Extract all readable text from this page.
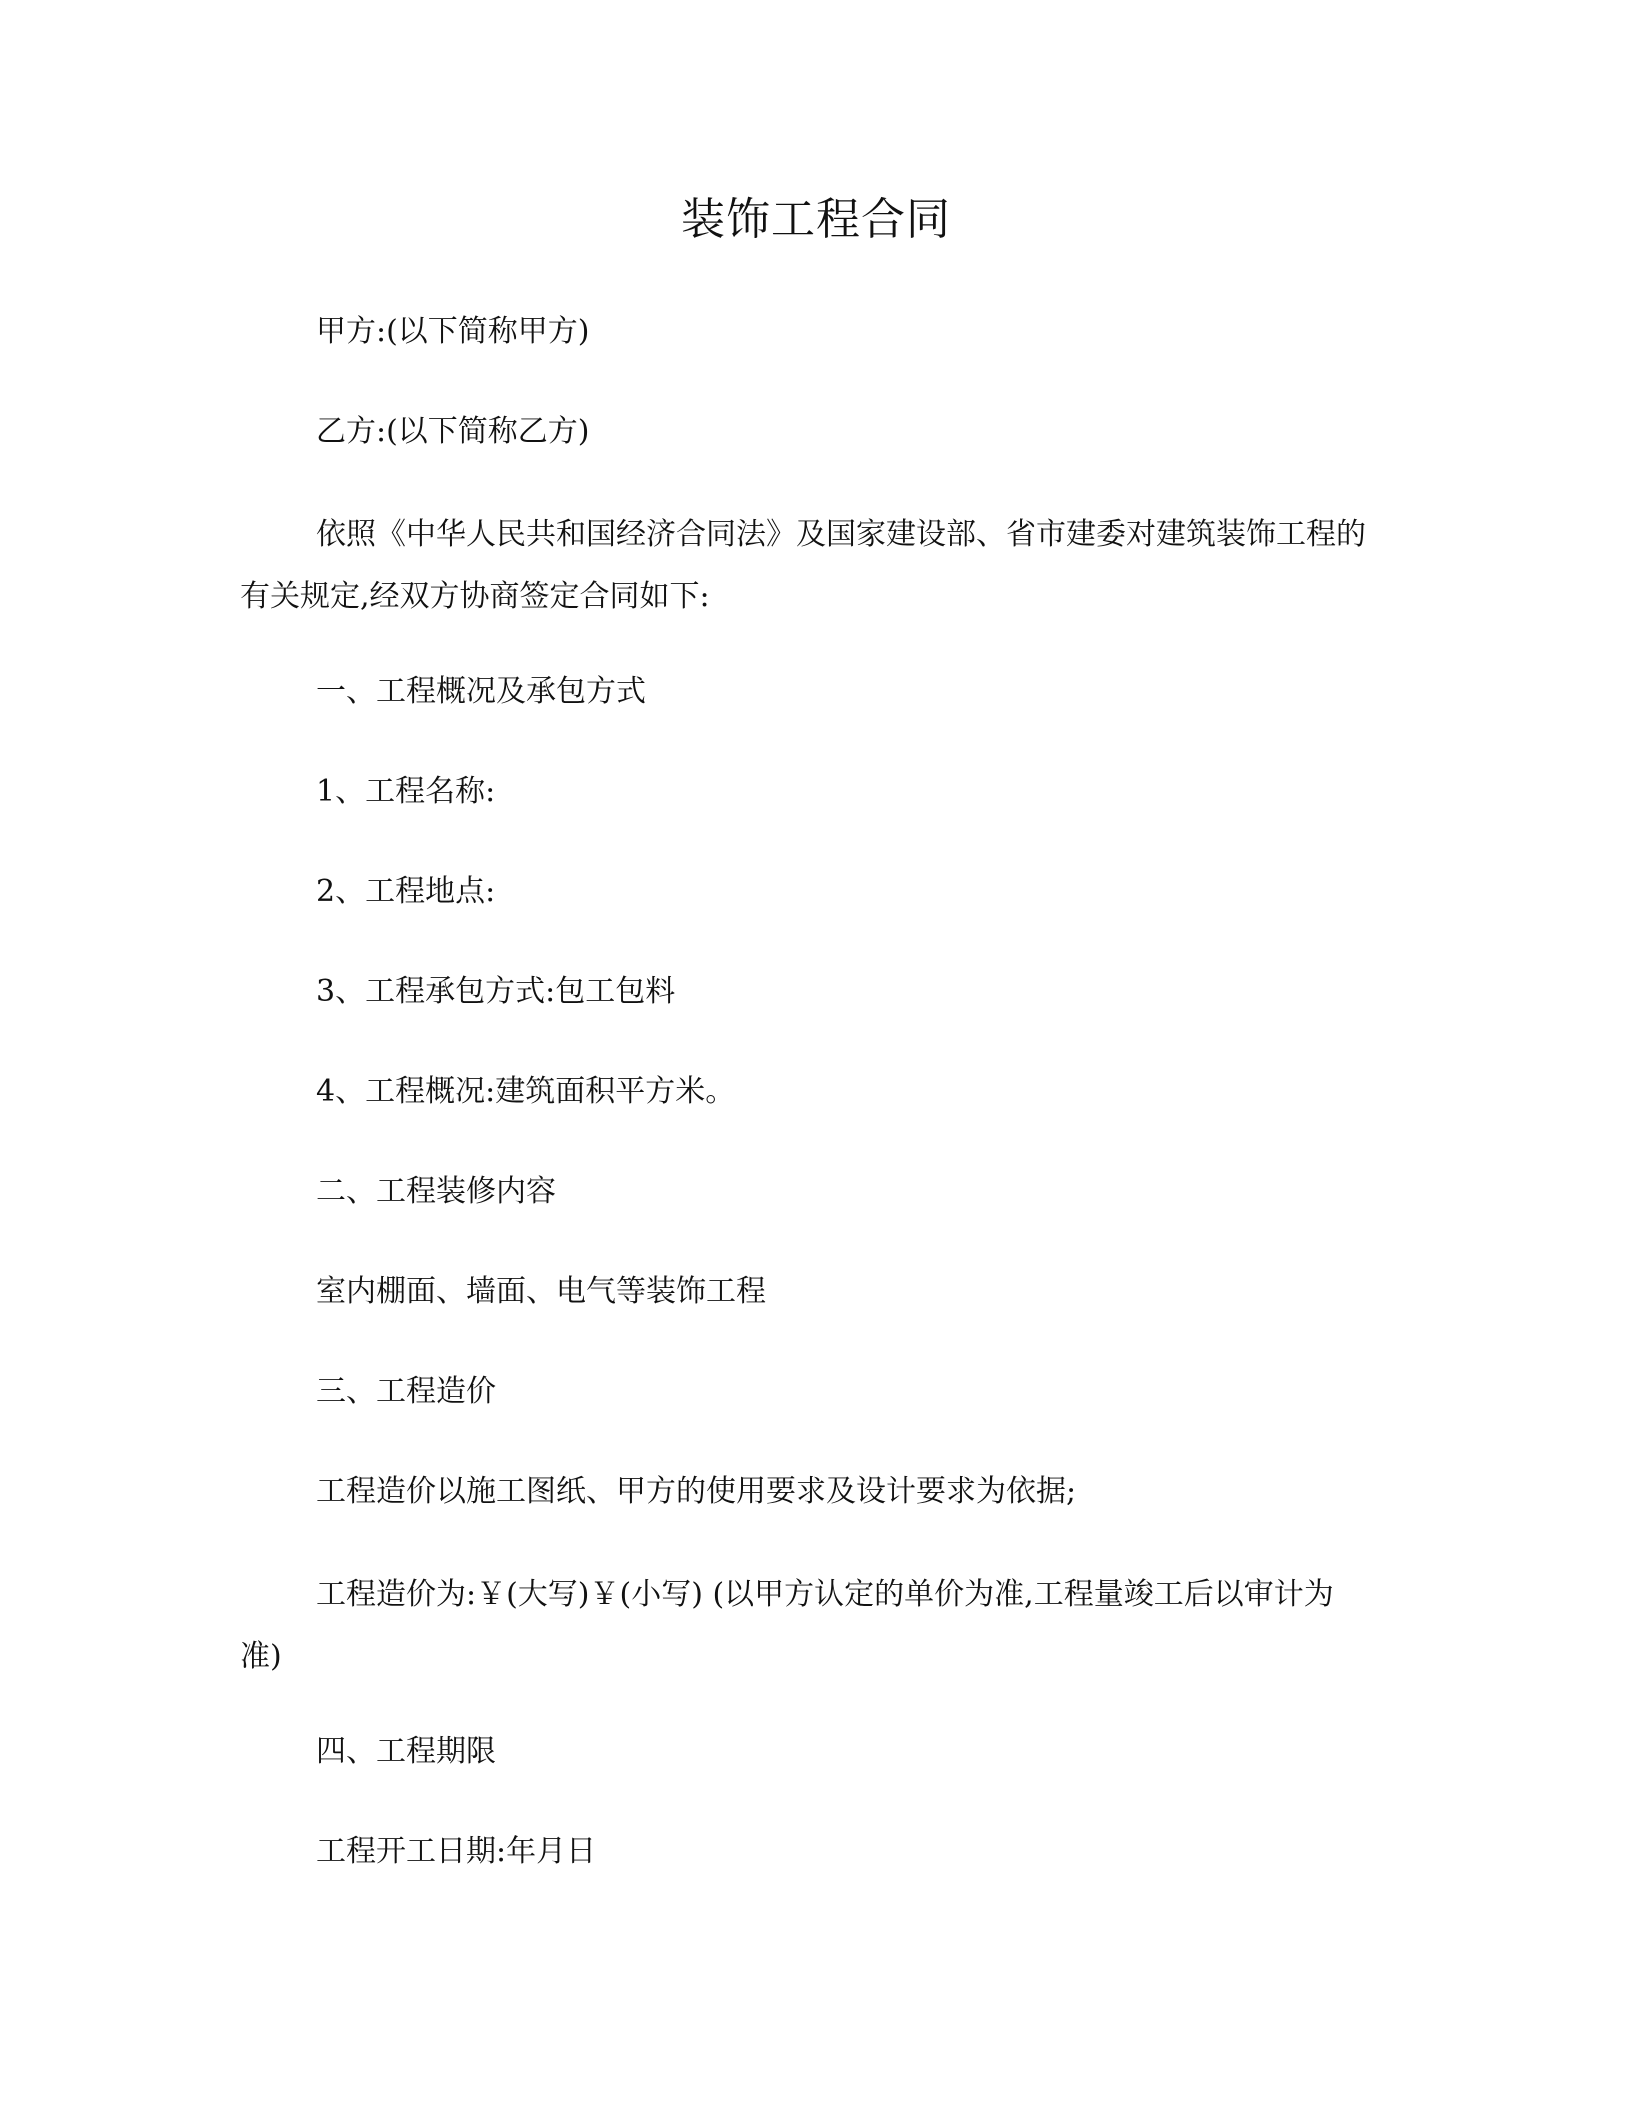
装饰工程合同

甲方:(以下简称甲方)

乙方:(以下简称乙方)

依照《中华人民共和国经济合同法》及国家建设部、省市建委对建筑装饰工程的有关规定,经双方协商签定合同如下:

一、工程概况及承包方式

1、工程名称:

2、工程地点:

3、工程承包方式:包工包料

4、工程概况:建筑面积平方米。

二、工程装修内容

室内棚面、墙面、电气等装饰工程

三、工程造价

工程造价以施工图纸、甲方的使用要求及设计要求为依据;

工程造价为:￥(大写)￥(小写) (以甲方认定的单价为准,工程量竣工后以审计为准)

四、工程期限

工程开工日期:年月日
